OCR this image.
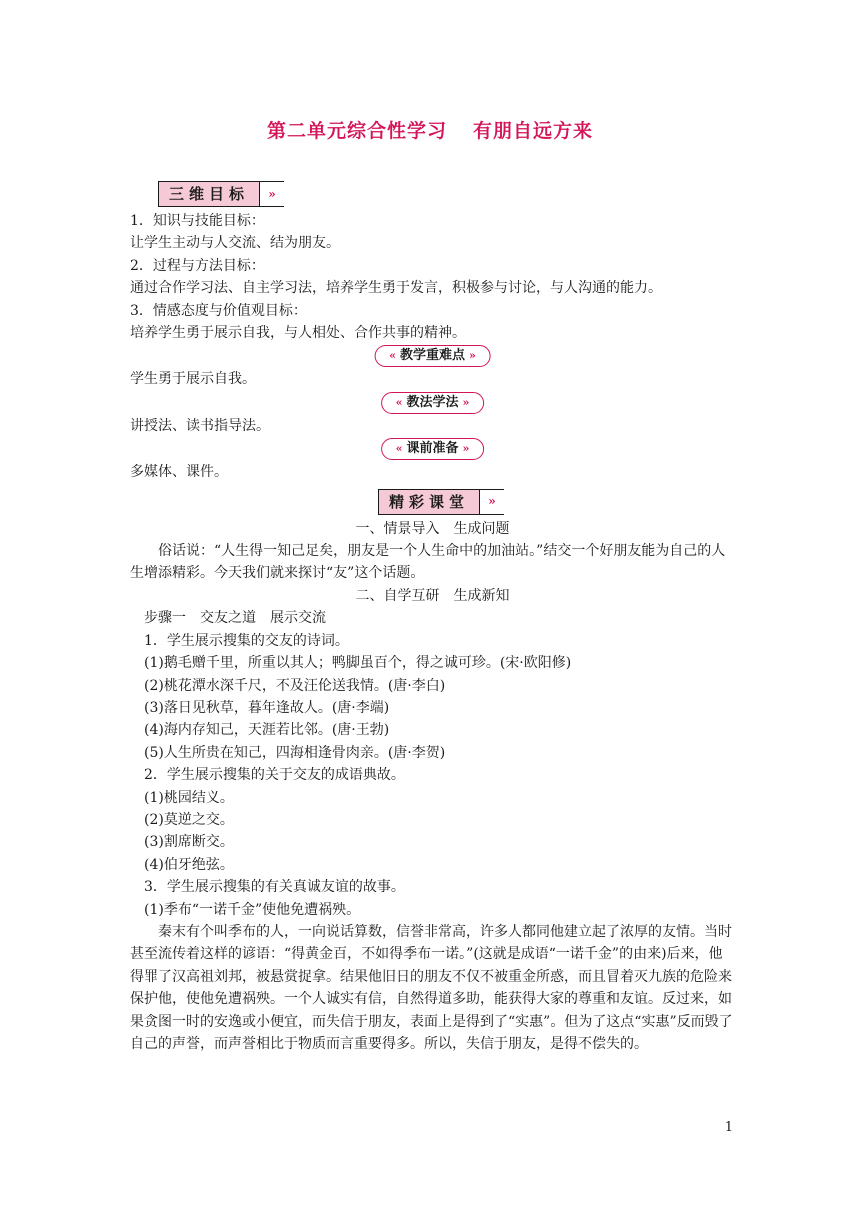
第二单元综合性学习 有朋自远方来
三维目标	»

1．知识与技能目标：

让学生主动与人交流、结为朋友。

2．过程与方法目标：

通过合作学习法、自主学习法，培养学生勇于发言，积极参与讨论，与人沟通的能力。

3．情感态度与价值观目标：

培养学生勇于展示自我，与人相处、合作共事的精神。

« 教学重难点 »

学生勇于展示自我。

« 教法学法 »

讲授法、读书指导法。

« 课前准备 »

多媒体、课件。

精彩课堂	»

一、情景导入　生成问题

俗话说：“人生得一知己足矣，朋友是一个人生命中的加油站。”结交一个好朋友能为自己的人生增添精彩。今天我们就来探讨“友”这个话题。

二、自学互研　生成新知

步骤一　交友之道　展示交流

1．学生展示搜集的交友的诗词。

(1)鹅毛赠千里，所重以其人；鸭脚虽百个，得之诚可珍。(宋·欧阳修)

(2)桃花潭水深千尺，不及汪伦送我情。(唐·李白)

(3)落日见秋草，暮年逢故人。(唐·李端)

(4)海内存知己，天涯若比邻。(唐·王勃)

(5)人生所贵在知己，四海相逢骨肉亲。(唐·李贺)

2．学生展示搜集的关于交友的成语典故。

(1)桃园结义。

(2)莫逆之交。

(3)割席断交。

(4)伯牙绝弦。

3．学生展示搜集的有关真诚友谊的故事。

(1)季布“一诺千金”使他免遭祸殃。

秦末有个叫季布的人，一向说话算数，信誉非常高，许多人都同他建立起了浓厚的友情。当时甚至流传着这样的谚语：“得黄金百，不如得季布一诺。”(这就是成语“一诺千金”的由来)后来，他得罪了汉高祖刘邦，被悬赏捉拿。结果他旧日的朋友不仅不被重金所惑，而且冒着灭九族的危险来保护他，使他免遭祸殃。一个人诚实有信，自然得道多助，能获得大家的尊重和友谊。反过来，如果贪图一时的安逸或小便宜，而失信于朋友，表面上是得到了“实惠”。但为了这点“实惠”反而毁了自己的声誉，而声誉相比于物质而言重要得多。所以，失信于朋友，是得不偿失的。

1
